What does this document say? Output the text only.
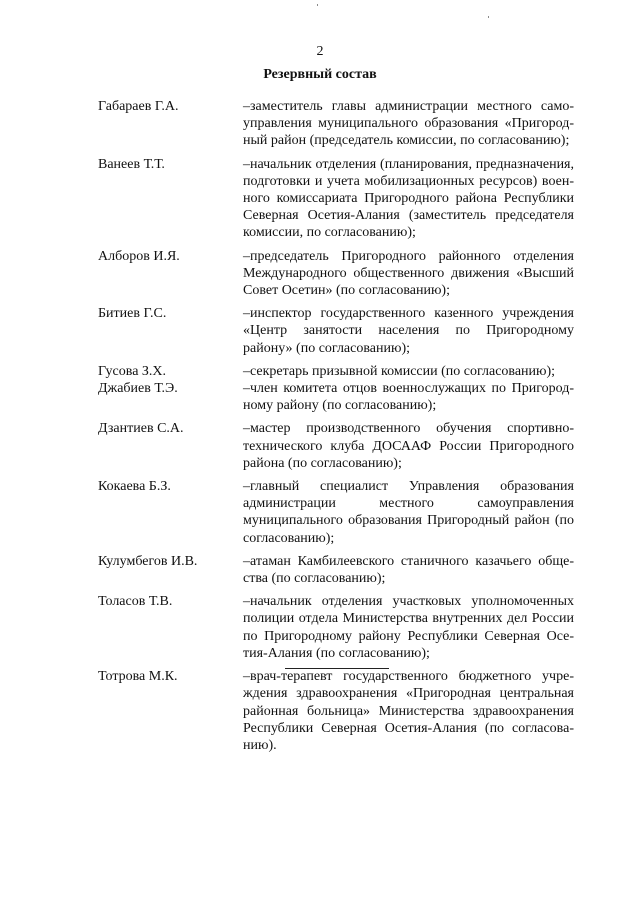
2
Резервный состав
Габараев Г.А.	–заместитель главы администрации местного самоуправления муниципального образования «Пригородный район (председатель комиссии, по согласованию);
Ванеев Т.Т.	–начальник отделения (планирования, предназначения, подготовки и учета мобилизационных ресурсов) военного комиссариата Пригородного района Республики Северная Осетия-Алания (заместитель председателя комиссии, по согласованию);
Алборов И.Я.	–председатель Пригородного районного отделения Международного общественного движения «Высший Совет Осетин» (по согласованию);
Битиев Г.С.	–инспектор государственного казенного учреждения «Центр занятости населения по Пригородному району» (по согласованию);
Гусова З.Х.	–секретарь призывной комиссии (по согласованию);
Джабиев Т.Э.	–член комитета отцов военнослужащих по Пригородному району (по согласованию);
Дзантиев С.А.	–мастер производственного обучения спортивно-технического клуба ДОСААФ России Пригородного района (по согласованию);
Кокаева Б.З.	–главный специалист Управления образования администрации местного самоуправления муниципального образования Пригородный район (по согласованию);
Кулумбегов И.В.	–атаман Камбилеевского станичного казачьего общества (по согласованию);
Толасов Т.В.	–начальник отделения участковых уполномоченных полиции отдела Министерства внутренних дел России по Пригородному району Республики Северная Осетия-Алания (по согласованию);
Тотрова М.К.	–врач-терапевт государственного бюджетного учреждения здравоохранения «Пригородная центральная районная больница» Министерства здравоохранения Республики Северная Осетия-Алания (по согласованию).
